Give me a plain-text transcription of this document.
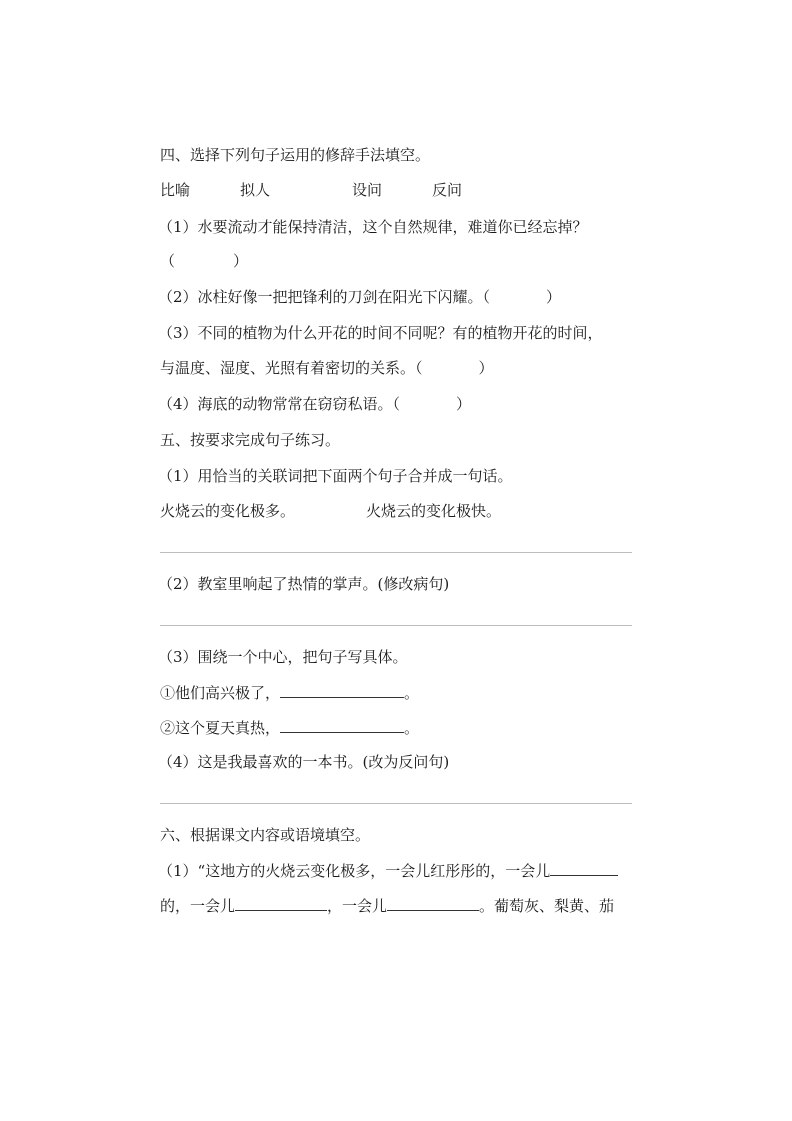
四、选择下列句子运用的修辞手法填空。

比喻

	拟人

	设问

	反问

（1）水要流动才能保持清洁，这个自然规律，难道你已经忘掉？
（	）
（2）冰柱好像一把把锋利的刀剑在阳光下闪耀。（	）
（3）不同的植物为什么开花的时间不同呢？有的植物开花的时间，
与温度、湿度、光照有着密切的关系。（	）
（4）海底的动物常常在窃窃私语。（	）
五、按要求完成句子练习。
（1）用恰当的关联词把下面两个句子合并成一句话。
火烧云的变化极多。	火烧云的变化极快。
（2）教室里响起了热情的掌声。(修改病句)
（3）围绕一个中心，把句子写具体。
①他们高兴极了，	。
②这个夏天真热，	。
（4）这是我最喜欢的一本书。(改为反问句)
六、根据课文内容或语境填空。
（1）“这地方的火烧云变化极多，一会儿红彤彤的，一会儿
的，一会儿	，一会儿	。葡萄灰、梨黄、茄
